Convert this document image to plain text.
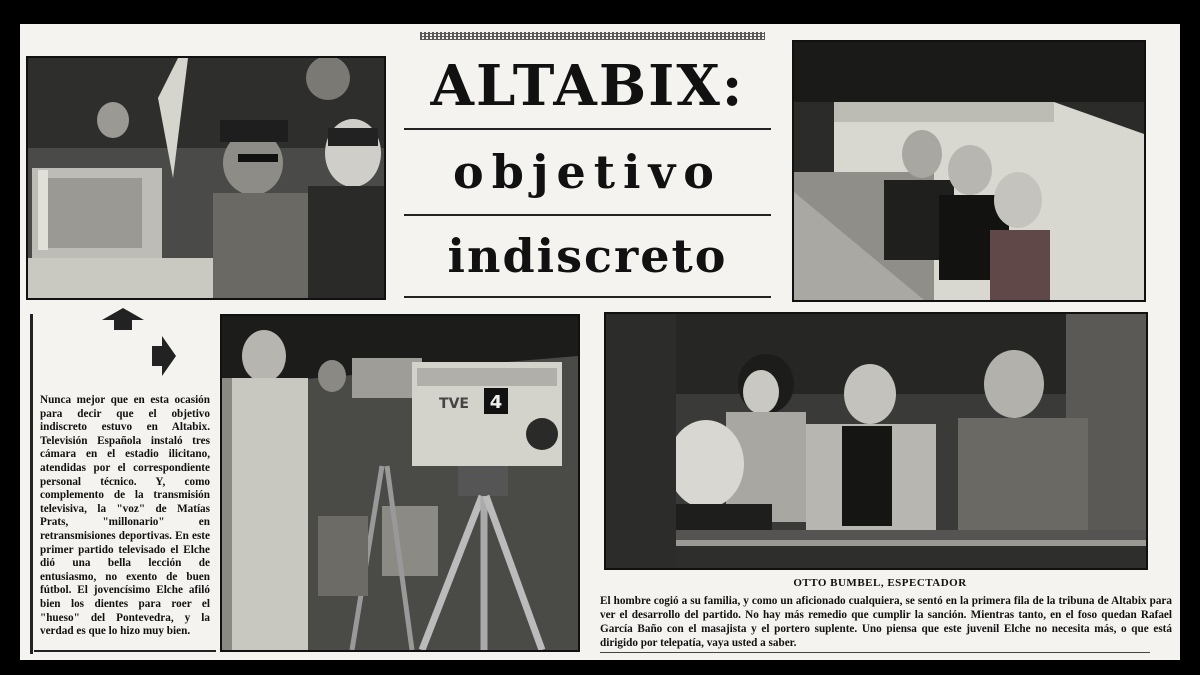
ALTABIX:
objetivo
indiscreto

Nunca mejor que en esta ocasión para decir que el objetivo indiscreto estuvo en Altabix. Televisión Española instaló tres cámara en el estadio ilicitano, atendidas por el correspondiente personal técnico. Y, como complemento de la transmisión televisiva, la "voz" de Matías Prats, "millonario" en retransmisiones deportivas. En este primer partido televisado el Elche dió una bella lección de entusiasmo, no exento de buen fútbol. El jovencísimo Elche afiló bien los dientes para roer el "hueso" del Pontevedra, y la verdad es que lo hizo muy bien.

4
TVE
OTTO BUMBEL, ESPECTADOR

El hombre cogió a su familia, y como un aficionado cualquiera, se sentó en la primera fila de la tribuna de Altabix para ver el desarrollo del partido. No hay más remedio que cumplir la sanción. Mientras tanto, en el foso quedan Rafael García Baño con el masajista y el portero suplente. Uno piensa que este juvenil Elche no necesita más, o que está dirigido por telepatía, vaya usted a saber.
